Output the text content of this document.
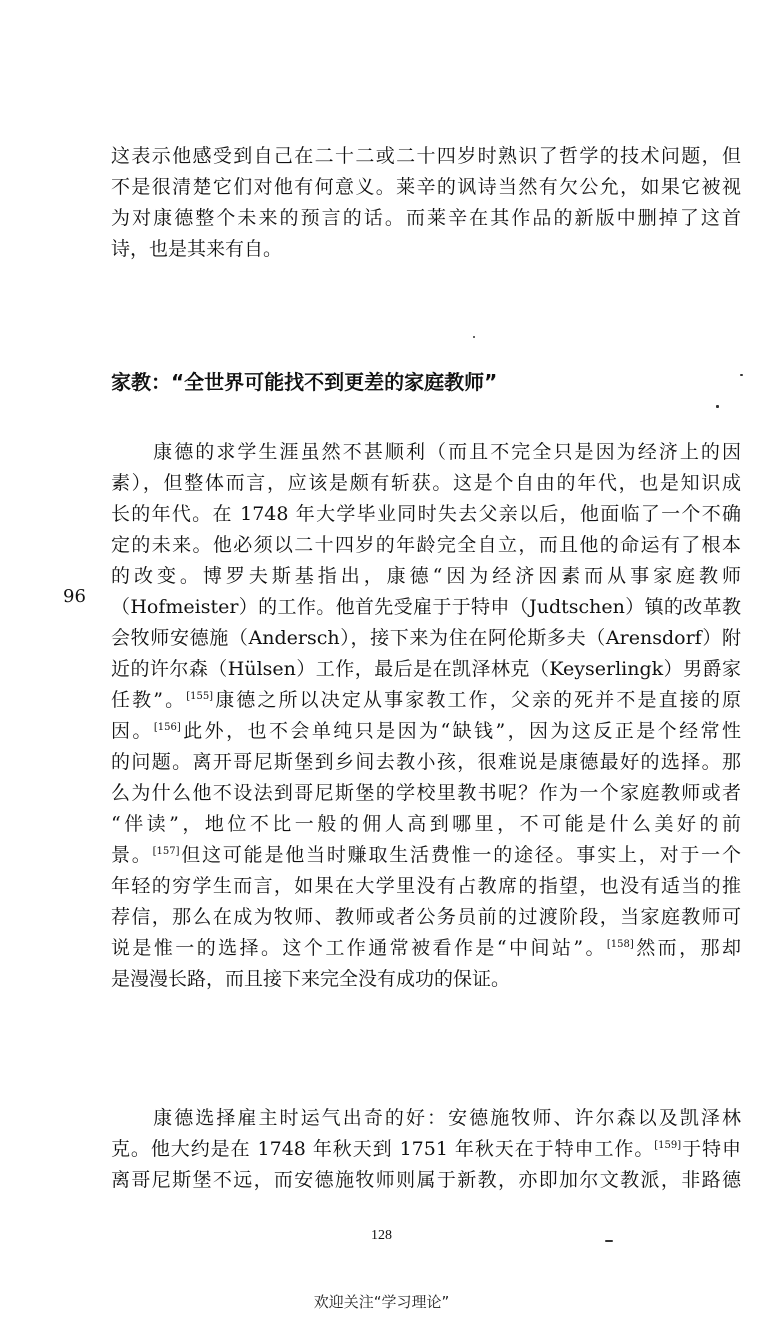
这表示他感受到自己在二十二或二十四岁时熟识了哲学的技术问题，但
不是很清楚它们对他有何意义。莱辛的讽诗当然有欠公允，如果它被视
为对康德整个未来的预言的话。而莱辛在其作品的新版中删掉了这首
诗，也是其来有自。
家教：“全世界可能找不到更差的家庭教师”
96
　　康德的求学生涯虽然不甚顺利（而且不完全只是因为经济上的因
素），但整体而言，应该是颇有斩获。这是个自由的年代，也是知识成
长的年代。在 1748 年大学毕业同时失去父亲以后，他面临了一个不确
定的未来。他必须以二十四岁的年龄完全自立，而且他的命运有了根本
的改变。博罗夫斯基指出，康德“因为经济因素而从事家庭教师
（Hofmeister）的工作。他首先受雇于于特申（Judtschen）镇的改革教
会牧师安德施（Andersch），接下来为住在阿伦斯多夫（Arensdorf）附
近的许尔森（Hülsen）工作，最后是在凯泽林克（Keyserlingk）男爵家
任教”。[155]康德之所以决定从事家教工作，父亲的死并不是直接的原
因。[156]此外，也不会单纯只是因为“缺钱”，因为这反正是个经常性
的问题。离开哥尼斯堡到乡间去教小孩，很难说是康德最好的选择。那
么为什么他不设法到哥尼斯堡的学校里教书呢？作为一个家庭教师或者
“伴读”，地位不比一般的佣人高到哪里，不可能是什么美好的前
景。[157]但这可能是他当时赚取生活费惟一的途径。事实上，对于一个
年轻的穷学生而言，如果在大学里没有占教席的指望，也没有适当的推
荐信，那么在成为牧师、教师或者公务员前的过渡阶段，当家庭教师可
说是惟一的选择。这个工作通常被看作是“中间站”。[158]然而，那却
是漫漫长路，而且接下来完全没有成功的保证。
　　康德选择雇主时运气出奇的好：安德施牧师、许尔森以及凯泽林
克。他大约是在 1748 年秋天到 1751 年秋天在于特申工作。[159]于特申
离哥尼斯堡不远，而安德施牧师则属于新教，亦即加尔文教派，非路德
128
欢迎关注“学习理论”
